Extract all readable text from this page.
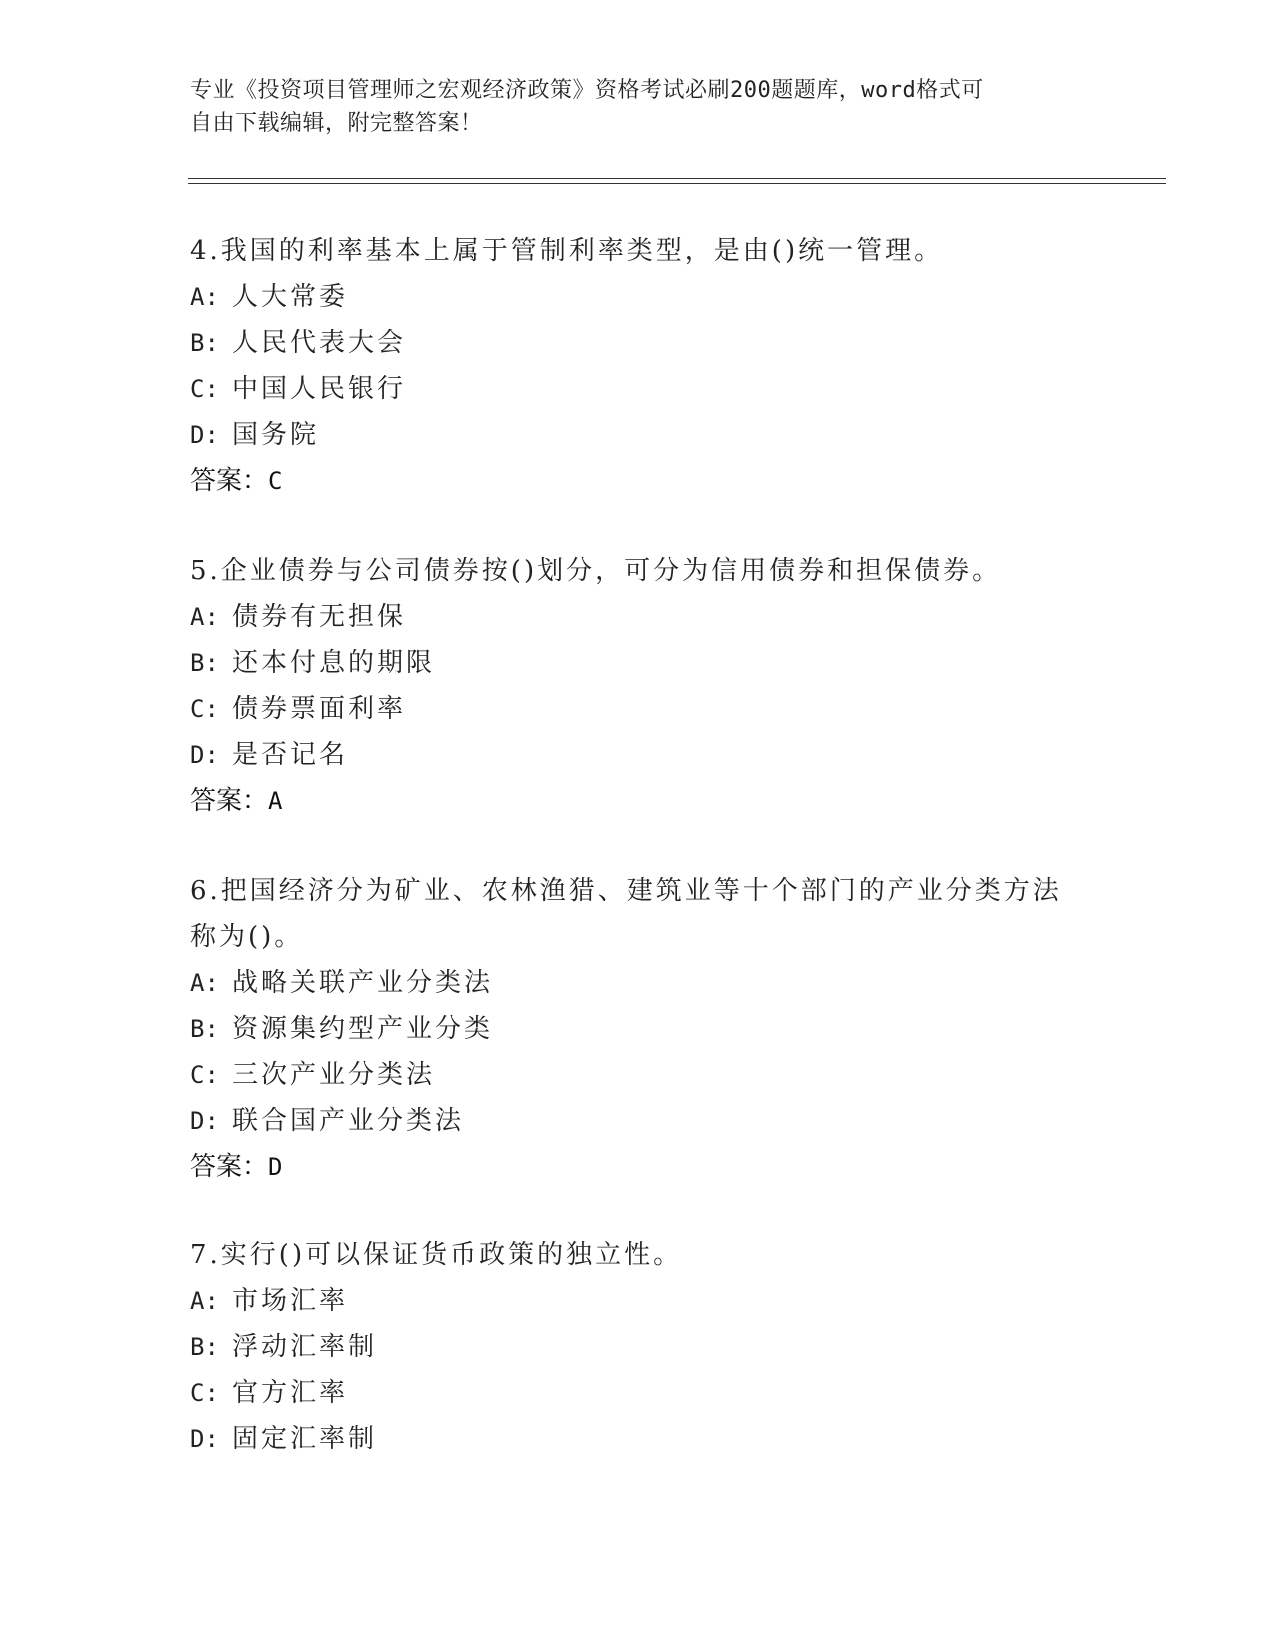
专业《投资项目管理师之宏观经济政策》资格考试必刷200题题库，word格式可
自由下载编辑，附完整答案！
4.我国的利率基本上属于管制利率类型，是由()统一管理。
A: 人大常委
B: 人民代表大会
C: 中国人民银行
D: 国务院
答案： C
5.企业债券与公司债券按()划分，可分为信用债券和担保债券。
A: 债券有无担保
B: 还本付息的期限
C: 债券票面利率
D: 是否记名
答案： A
6.把国经济分为矿业、农林渔猎、建筑业等十个部门的产业分类方法
称为()。
A: 战略关联产业分类法
B: 资源集约型产业分类
C: 三次产业分类法
D: 联合国产业分类法
答案： D
7.实行()可以保证货币政策的独立性。
A: 市场汇率
B: 浮动汇率制
C: 官方汇率
D: 固定汇率制
